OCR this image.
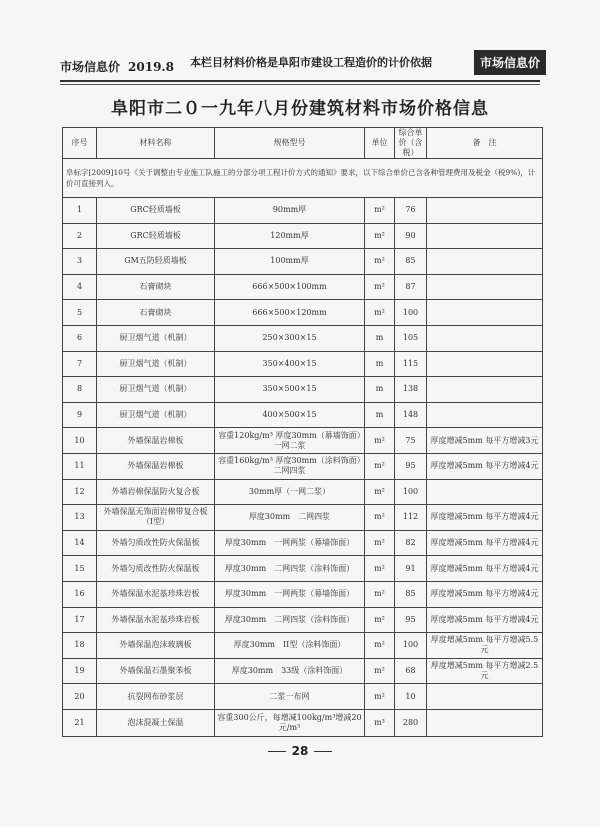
市场信息价 2019.8 本栏目材料价格是阜阳市建设工程造价的计价依据	市场信息价
阜阳市二０一九年八月份建筑材料市场价格信息
序号	材料名称	规格型号	单位	综合单价（含税）	备　注
阜标字[2009]10号《关于调整由专业施工队施工的分部分项工程计价方式的通知》要求，以下综合单价已含各种管理费用及税金（税9%)，计价可直接列入。					
1	GRC轻质墙板	90mm厚	m²	76	
2	GRC轻质墙板	120mm厚	m²	90	
3	GM五防轻质墙板	100mm厚	m²	85	
4	石膏砌块	666×500×100mm	m²	87	
5	石膏砌块	666×500×120mm	m²	100	
6	厨卫烟气道（机制）	250×300×15	m	105	
7	厨卫烟气道（机制）	350×400×15	m	115	
8	厨卫烟气道（机制）	350×500×15	m	138	
9	厨卫烟气道（机制）	400×500×15	m	148	
10	外墙保温岩棉板	容重120kg/m³ 厚度30mm（幕墙饰面）一网二浆	m²	75	厚度增减5mm 每平方增减3元
11	外墙保温岩棉板	容重160kg/m³ 厚度30mm（涂料饰面）二网四浆	m²	95	厚度增减5mm 每平方增减4元
12	外墙岩棉保温防火复合板	30mm厚（一网二浆）	m²	100	
13	外墙保温无饰面岩棉带复合板（I型）	厚度30mm　二网四浆	m²	112	厚度增减5mm 每平方增减4元
14	外墙匀质改性防火保温板	厚度30mm　一网两浆（幕墙饰面）	m²	82	厚度增减5mm 每平方增减4元
15	外墙匀质改性防火保温板	厚度30mm　二网四浆（涂料饰面）	m²	91	厚度增减5mm 每平方增减4元
16	外墙保温水泥基珍珠岩板	厚度30mm　一网两浆（幕墙饰面）	m²	85	厚度增减5mm 每平方增减4元
17	外墙保温水泥基珍珠岩板	厚度30mm　二网四浆（涂料饰面）	m²	95	厚度增减5mm 每平方增减4元
18	外墙保温泡沫玻璃板	厚度30mm　II型（涂料饰面）	m²	100	厚度增减5mm 每平方增减5.5元
19	外墙保温石墨聚苯板	厚度30mm　33级（涂料饰面）	m²	68	厚度增减5mm 每平方增减2.5元
20	抗裂网布砂浆层	二浆一布网	m²	10	
21	泡沫混凝土保温	容重300公斤，每增减100kg/m³增减20元/m³	m³	280	
28
